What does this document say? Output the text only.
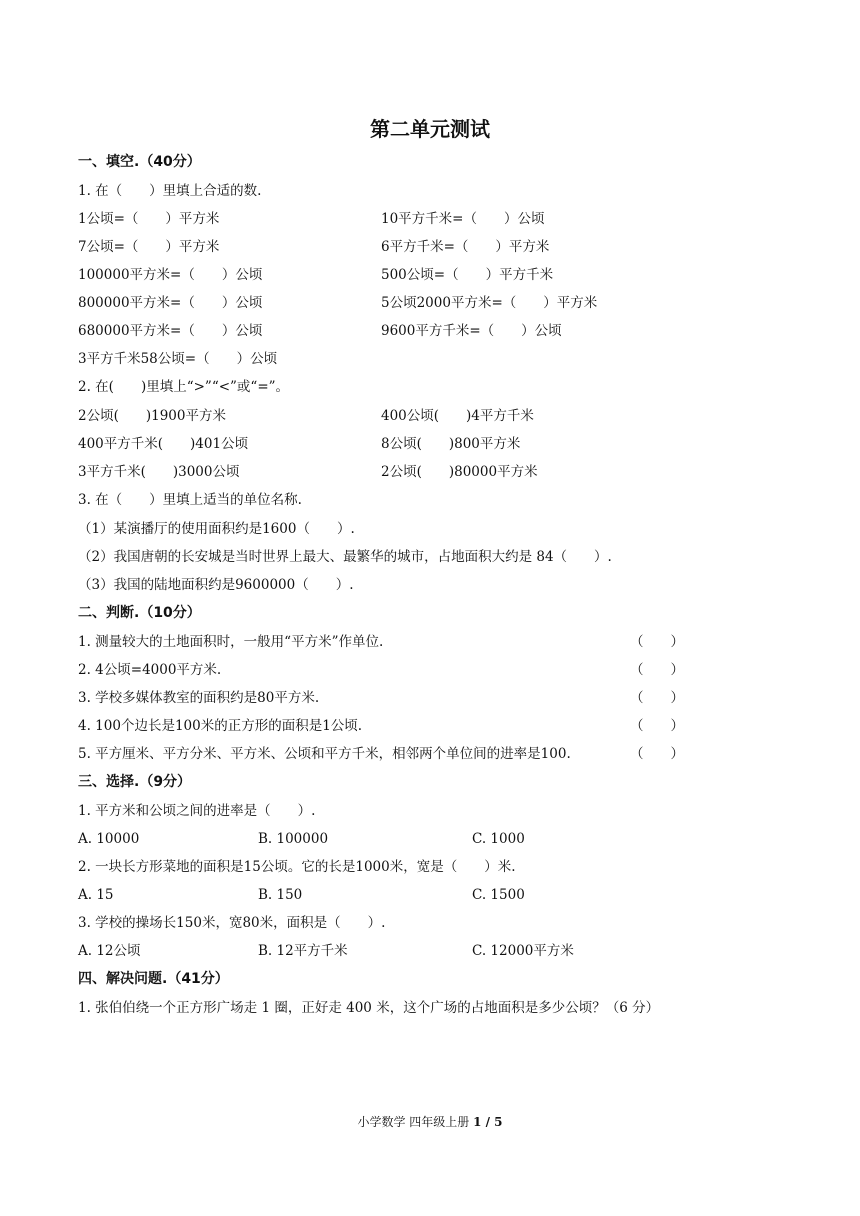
第二单元测试
一、填空.（40分）
1. 在（　　）里填上合适的数.
1公顷=（　　）平方米	10平方千米=（　　）公顷
7公顷=（　　）平方米	6平方千米=（　　）平方米
100000平方米=（　　）公顷	500公顷=（　　）平方千米
800000平方米=（　　）公顷	5公顷2000平方米=（　　）平方米
680000平方米=（　　）公顷	9600平方千米=（　　）公顷
3平方千米58公顷=（　　）公顷
2. 在(　　)里填上“>”“<”或“=”。
2公顷(　　)1900平方米	400公顷(　　)4平方千米
400平方千米(　　)401公顷	8公顷(　　)800平方米
3平方千米(　　)3000公顷	2公顷(　　)80000平方米
3. 在（　　）里填上适当的单位名称.
（1）某演播厅的使用面积约是1600（　　）.
（2）我国唐朝的长安城是当时世界上最大、最繁华的城市，占地面积大约是 84（　　）.
（3）我国的陆地面积约是9600000（　　）.
二、判断.（10分）
1. 测量较大的土地面积时，一般用“平方米”作单位.	（　　）
2. 4公顷=4000平方米.	（　　）
3. 学校多媒体教室的面积约是80平方米.	（　　）
4. 100个边长是100米的正方形的面积是1公顷.	（　　）
5. 平方厘米、平方分米、平方米、公顷和平方千米，相邻两个单位间的进率是100.	（　　）
三、选择.（9分）
1. 平方米和公顷之间的进率是（　　）.
A. 10000	B. 100000	C. 1000
2. 一块长方形菜地的面积是15公顷。它的长是1000米，宽是（　　）米.
A. 15	B. 150	C. 1500
3. 学校的操场长150米，宽80米，面积是（　　）.
A. 12公顷	B. 12平方千米	C. 12000平方米
四、解决问题.（41分）
1. 张伯伯绕一个正方形广场走 1 圈，正好走 400 米，这个广场的占地面积是多少公顷？（6 分）
小学数学 四年级上册 1 / 5
